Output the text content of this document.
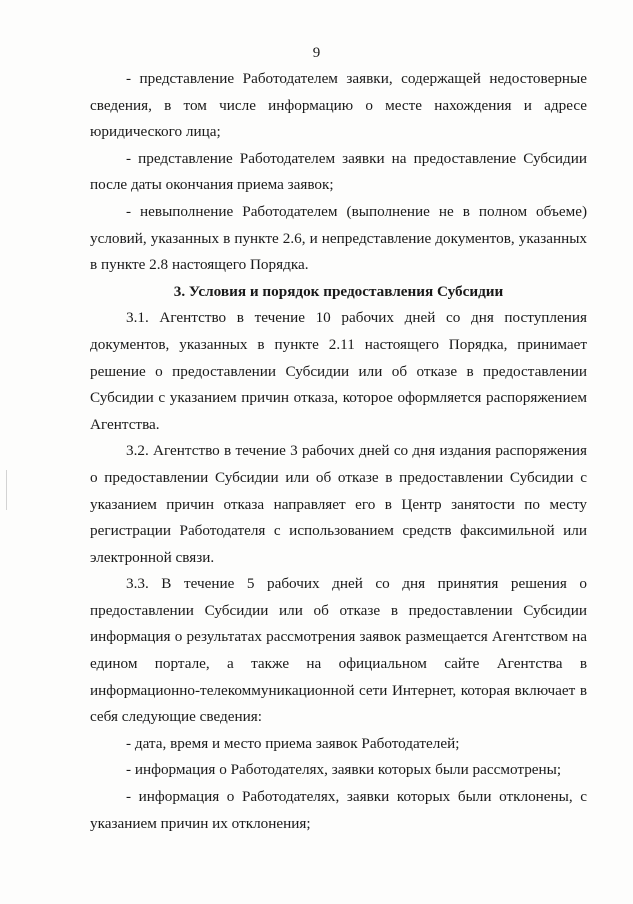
9

- представление Работодателем заявки, содержащей недостоверные сведения, в том числе информацию о месте нахождения и адресе юридического лица;

- представление Работодателем заявки на предоставление Субсидии после даты окончания приема заявок;

- невыполнение Работодателем (выполнение не в полном объеме) условий, указанных в пункте 2.6, и непредставление документов, указанных в пункте 2.8 настоящего Порядка.

3. Условия и порядок предоставления Субсидии

3.1. Агентство в течение 10 рабочих дней со дня поступления документов, указанных в пункте 2.11 настоящего Порядка, принимает решение о предоставлении Субсидии или об отказе в предоставлении Субсидии с указанием причин отказа, которое оформляется распоряжением Агентства.

3.2. Агентство в течение 3 рабочих дней со дня издания распоряжения о предоставлении Субсидии или об отказе в предоставлении Субсидии с указанием причин отказа направляет его в Центр занятости по месту регистрации Работодателя с использованием средств факсимильной или электронной связи.

3.3. В течение 5 рабочих дней со дня принятия решения о предоставлении Субсидии или об отказе в предоставлении Субсидии информация о результатах рассмотрения заявок размещается Агентством на едином портале, а также на официальном сайте Агентства в информационно-телекоммуникационной сети Интернет, которая включает в себя следующие сведения:

- дата, время и место приема заявок Работодателей;

- информация о Работодателях, заявки которых были рассмотрены;

- информация о Работодателях, заявки которых были отклонены, с указанием причин их отклонения;
